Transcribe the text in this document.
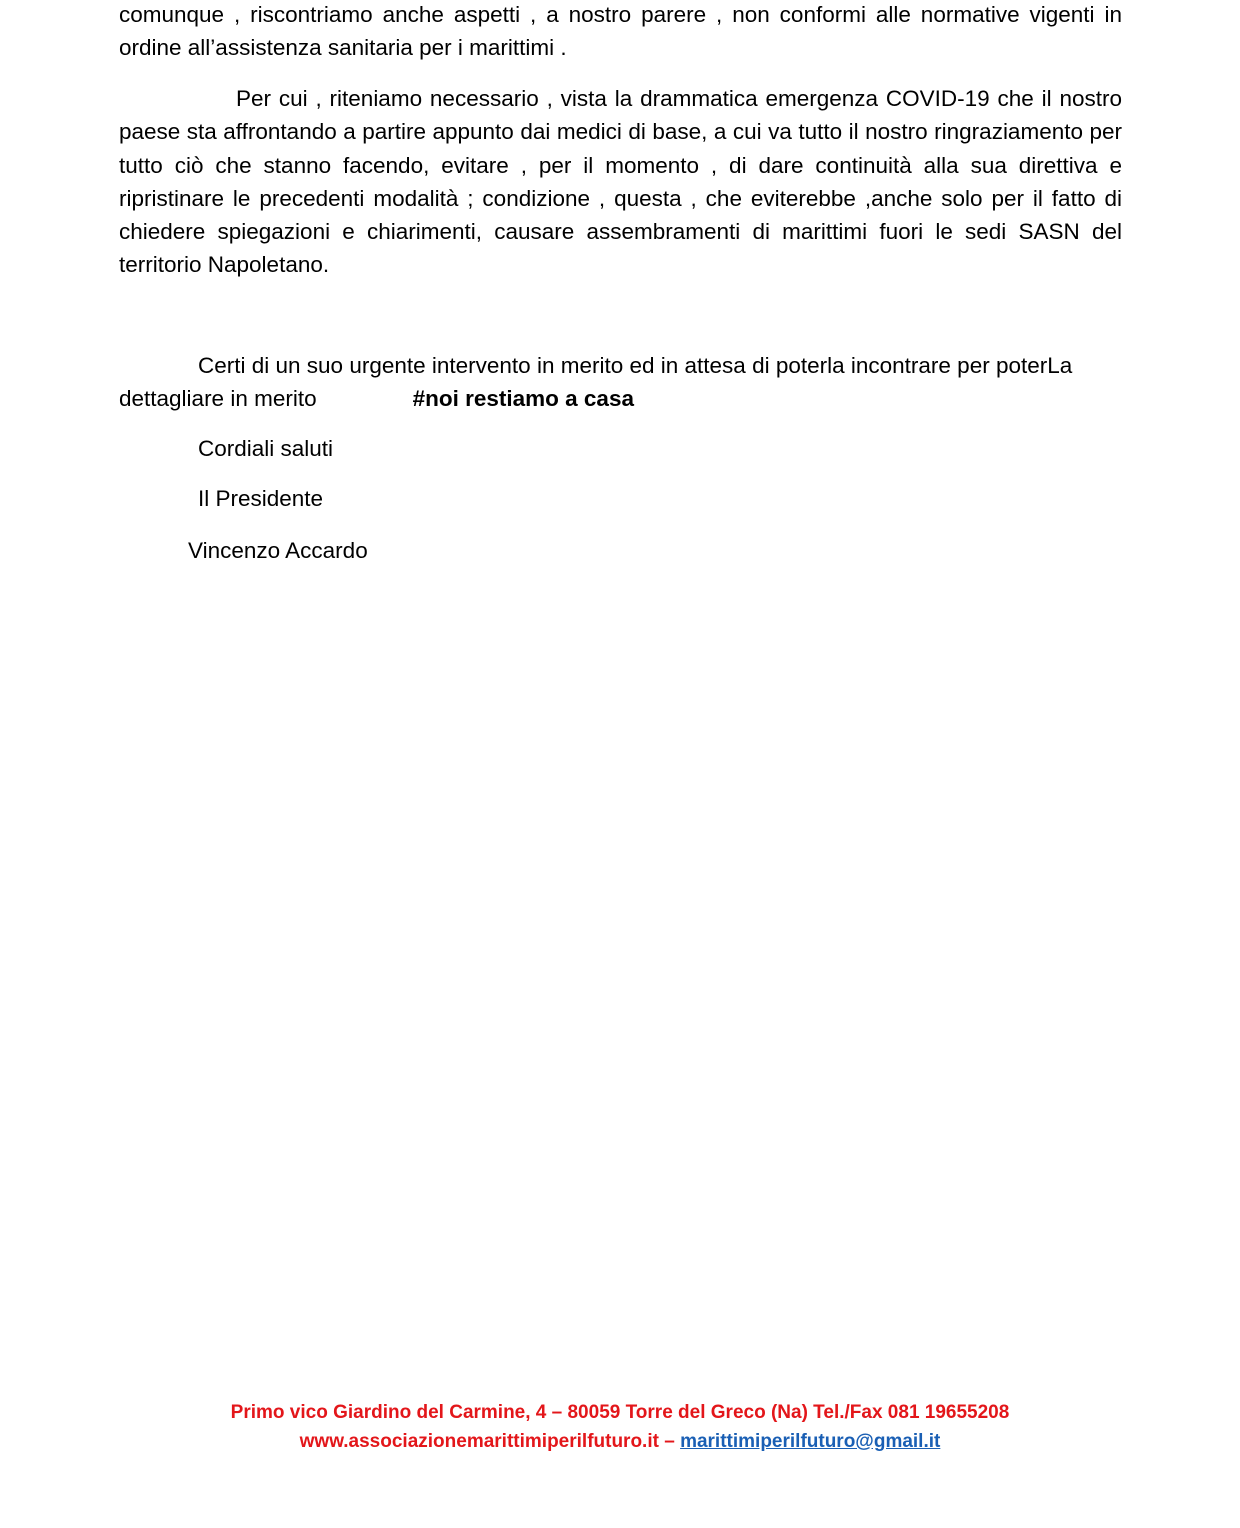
comunque , riscontriamo anche aspetti , a nostro parere , non conformi alle normative vigenti in ordine all’assistenza sanitaria per i marittimi .

Per cui , riteniamo necessario , vista la drammatica emergenza COVID-19 che il nostro paese sta affrontando a partire appunto dai medici di base, a cui va tutto il nostro ringraziamento per tutto ciò che stanno facendo, evitare , per il momento , di dare continuità alla sua direttiva e ripristinare le precedenti modalità ; condizione , questa , che eviterebbe ,anche solo per il fatto di chiedere spiegazioni e chiarimenti, causare assembramenti di marittimi fuori le sedi SASN del territorio Napoletano.

Certi di un suo urgente intervento in merito ed in attesa di poterla incontrare per poterLa dettagliare in merito	#noi restiamo a casa

Cordiali saluti

Il Presidente

Vincenzo Accardo

Primo vico Giardino del Carmine, 4 – 80059 Torre del Greco (Na) Tel./Fax 081 19655208
www.associazionemarittimiperilfuturo.it – marittimiperilfuturo@gmail.it
